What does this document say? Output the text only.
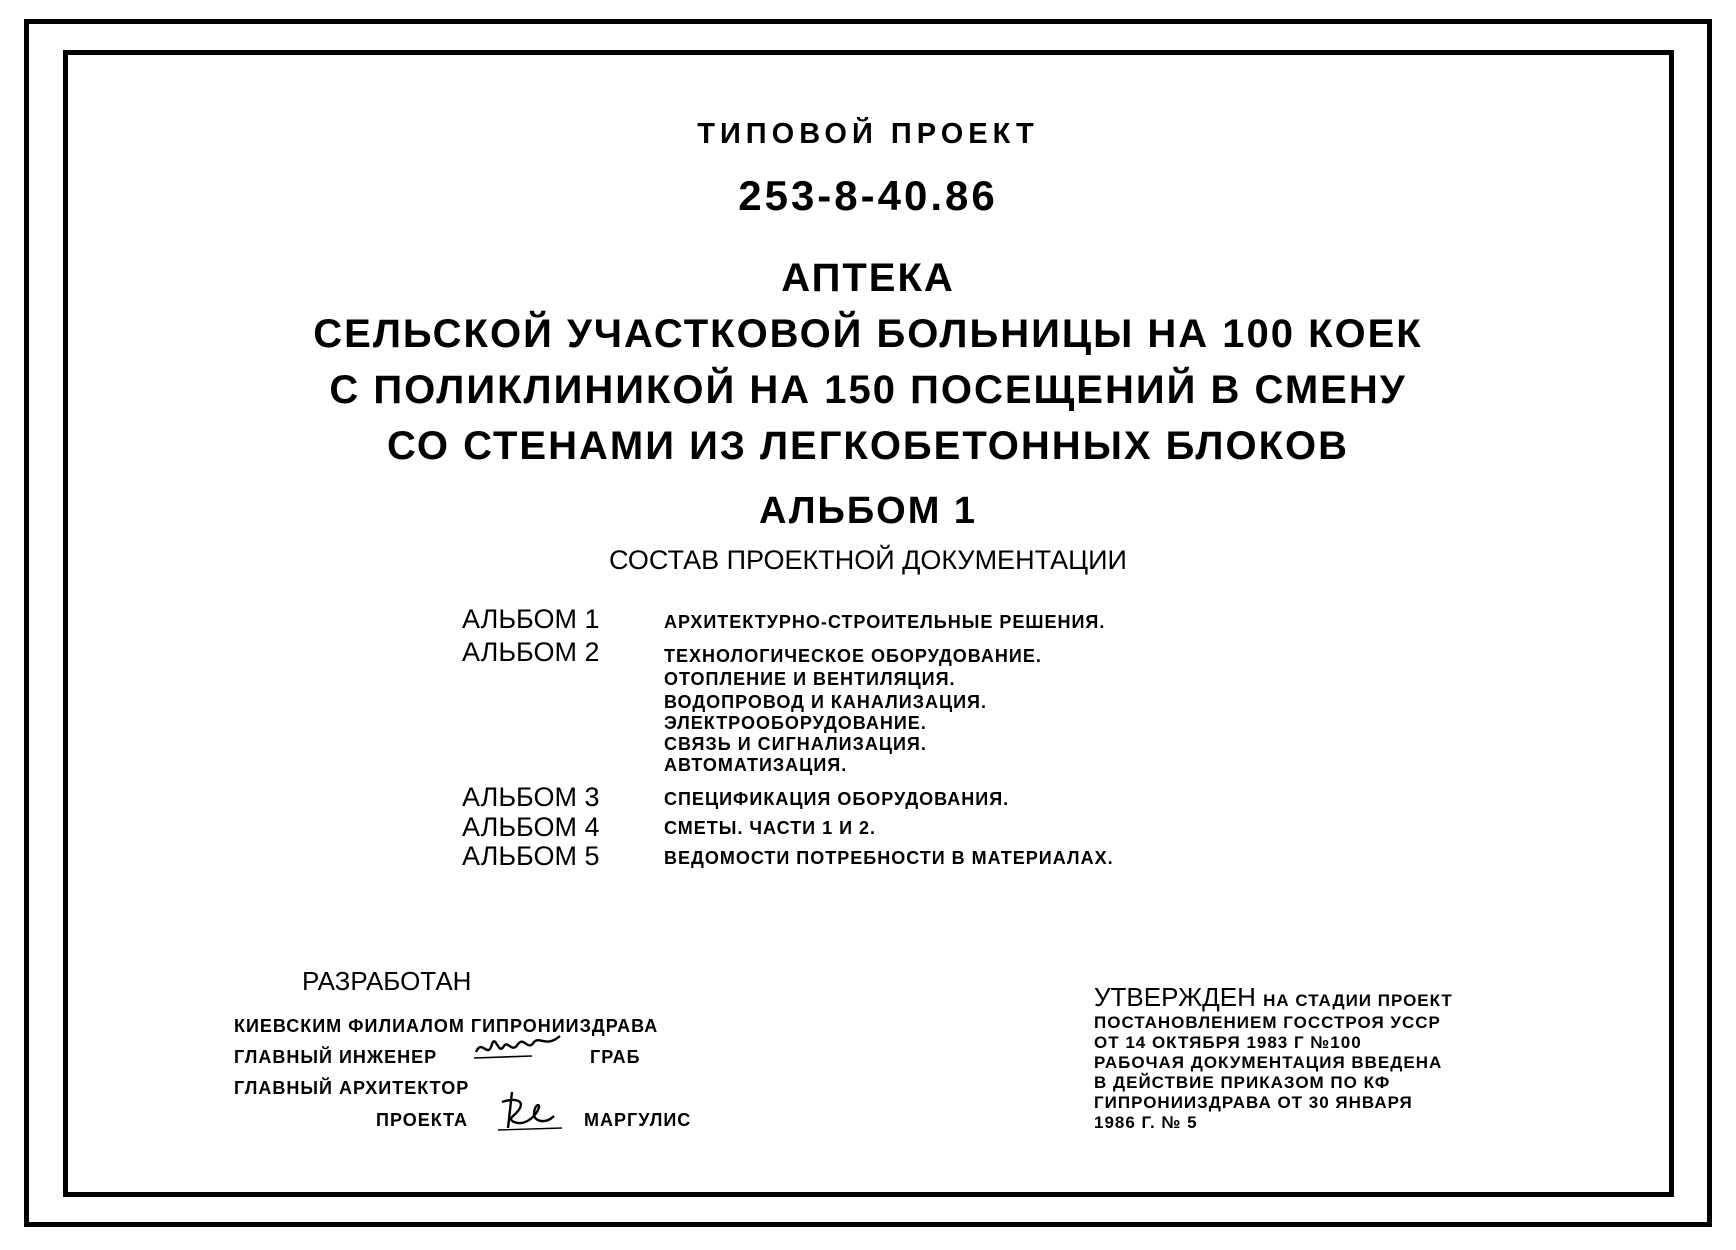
ТИПОВОЙ ПРОЕКТ
253-8-40.86
АПТЕКА
СЕЛЬСКОЙ УЧАСТКОВОЙ БОЛЬНИЦЫ НА 100 КОЕК
С ПОЛИКЛИНИКОЙ НА 150 ПОСЕЩЕНИЙ В СМЕНУ
СО СТЕНАМИ ИЗ ЛЕГКОБЕТОННЫХ БЛОКОВ
АЛЬБОМ 1
СОСТАВ ПРОЕКТНОЙ ДОКУМЕНТАЦИИ
АЛЬБОМ 1	АРХИТЕКТУРНО-СТРОИТЕЛЬНЫЕ РЕШЕНИЯ.
АЛЬБОМ 2	ТЕХНОЛОГИЧЕСКОЕ ОБОРУДОВАНИЕ.
ОТОПЛЕНИЕ И ВЕНТИЛЯЦИЯ.
ВОДОПРОВОД И КАНАЛИЗАЦИЯ.
ЭЛЕКТРООБОРУДОВАНИЕ.
СВЯЗЬ И СИГНАЛИЗАЦИЯ.
АВТОМАТИЗАЦИЯ.
АЛЬБОМ 3	СПЕЦИФИКАЦИЯ ОБОРУДОВАНИЯ.
АЛЬБОМ 4	СМЕТЫ. ЧАСТИ 1 И 2.
АЛЬБОМ 5	ВЕДОМОСТИ ПОТРЕБНОСТИ В МАТЕРИАЛАХ.
РАЗРАБОТАН
КИЕВСКИМ ФИЛИАЛОМ ГИПРОНИИЗДРАВА
ГЛАВНЫЙ ИНЖЕНЕР	ГРАБ
ГЛАВНЫЙ АРХИТЕКТОР
ПРОЕКТА	МАРГУЛИС
УТВЕРЖДЕН НА СТАДИИ ПРОЕКТ
ПОСТАНОВЛЕНИЕМ ГОССТРОЯ УССР
ОТ 14 ОКТЯБРЯ 1983 Г №100
РАБОЧАЯ ДОКУМЕНТАЦИЯ ВВЕДЕНА
В ДЕЙСТВИЕ ПРИКАЗОМ ПО КФ
ГИПРОНИИЗДРАВА ОТ 30 ЯНВАРЯ
1986 Г. № 5
